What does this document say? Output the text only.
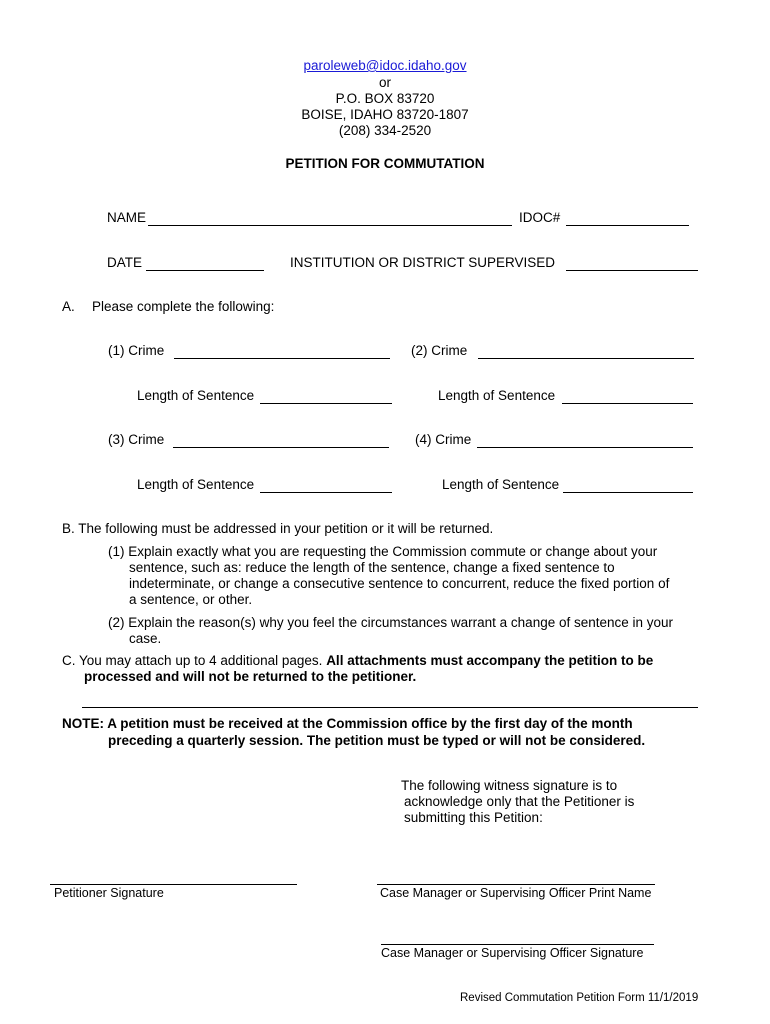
paroleweb@idoc.idaho.gov
or
P.O. BOX 83720
BOISE, IDAHO 83720-1807
(208) 334-2520
PETITION FOR COMMUTATION
NAME	IDOC#
DATE	INSTITUTION OR DISTRICT SUPERVISED
A. Please complete the following:
(1) Crime	(2) Crime
Length of Sentence	Length of Sentence
(3) Crime	(4) Crime
Length of Sentence	Length of Sentence
B. The following must be addressed in your petition or it will be returned.
(1) Explain exactly what you are requesting the Commission commute or change about your
sentence, such as: reduce the length of the sentence, change a fixed sentence to
indeterminate, or change a consecutive sentence to concurrent, reduce the fixed portion of
a sentence, or other.
(2) Explain the reason(s) why you feel the circumstances warrant a change of sentence in your
case.
C. You may attach up to 4 additional pages. All attachments must accompany the petition to be
processed and will not be returned to the petitioner.
NOTE: A petition must be received at the Commission office by the first day of the month
preceding a quarterly session. The petition must be typed or will not be considered.
The following witness signature is to
acknowledge only that the Petitioner is
submitting this Petition:
Petitioner Signature	Case Manager or Supervising Officer Print Name
Case Manager or Supervising Officer Signature
Revised Commutation Petition Form 11/1/2019
